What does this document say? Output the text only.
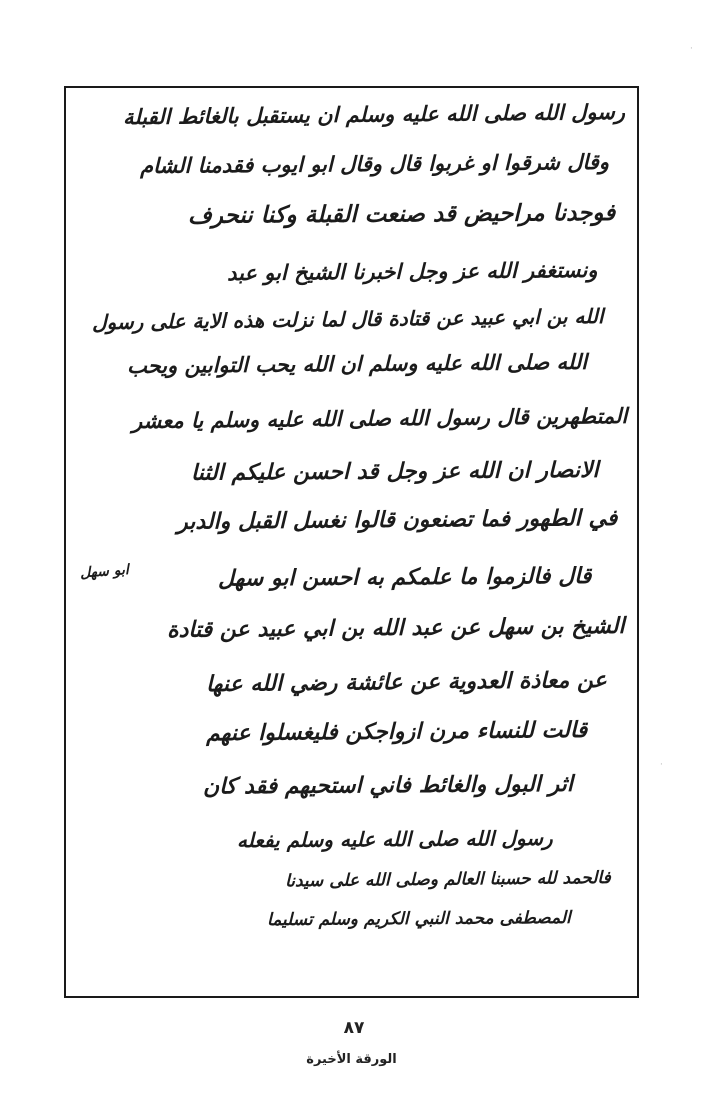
رسول الله صلى الله عليه وسلم ان يستقبل بالغائط القبلة
وقال شرقوا او غربوا قال وقال ابو ايوب فقدمنا الشام
فوجدنا مراحيض قد صنعت القبلة وكنا ننحرف
ونستغفر الله عز وجل اخبرنا الشيخ ابو عبد
الله بن ابي عبيد عن قتادة قال لما نزلت هذه الاية على رسول
الله صلى الله عليه وسلم ان الله يحب التوابين ويحب
المتطهرين قال رسول الله صلى الله عليه وسلم يا معشر
الانصار ان الله عز وجل قد احسن عليكم الثنا
في الطهور فما تصنعون قالوا نغسل القبل والدبر
قال فالزموا ما علمكم به احسن ابو سهل
الشيخ بن سهل عن عبد الله بن ابي عبيد عن قتادة
عن معاذة العدوية عن عائشة رضي الله عنها
قالت للنساء مرن ازواجكن فليغسلوا عنهم
اثر البول والغائط فاني استحيهم فقد كان
رسول الله صلى الله عليه وسلم يفعله
فالحمد لله حسبنا العالم وصلى الله على سيدنا
المصطفى محمد النبي الكريم وسلم تسليما
ابو سهل
الورقة الأخيرة
٨٧
·
·
